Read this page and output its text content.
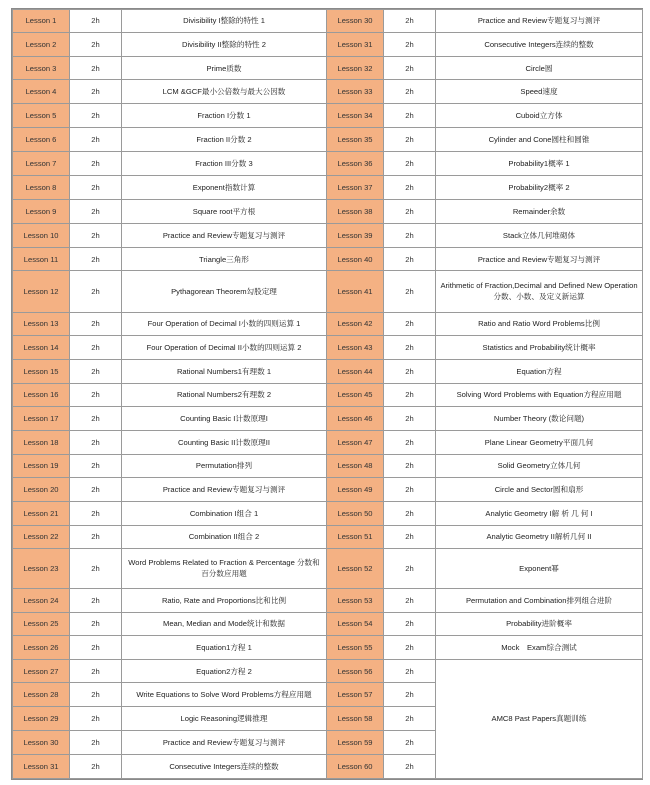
Lesson 1	2h	Divisibility I整除的特性 1	Lesson 30	2h	Practice and Review专题复习与测评
Lesson 2	2h	Divisibility II整除的特性 2	Lesson 31	2h	Consecutive Integers连续的整数
Lesson 3	2h	Prime质数	Lesson 32	2h	Circle圆
Lesson 4	2h	LCM &GCF最小公倍数与最大公因数	Lesson 33	2h	Speed速度
Lesson 5	2h	Fraction I分数 1	Lesson 34	2h	Cuboid立方体
Lesson 6	2h	Fraction II分数 2	Lesson 35	2h	Cylinder and Cone圆柱和圆锥
Lesson 7	2h	Fraction III分数 3	Lesson 36	2h	Probability1概率 1
Lesson 8	2h	Exponent指数计算	Lesson 37	2h	Probability2概率 2
Lesson 9	2h	Square root平方根	Lesson 38	2h	Remainder余数
Lesson 10	2h	Practice and Review专题复习与测评	Lesson 39	2h	Stack立体几何堆砌体
Lesson 11	2h	Triangle三角形	Lesson 40	2h	Practice and Review专题复习与测评
Lesson 12	2h	Pythagorean Theorem勾股定理	Lesson 41	2h	Arithmetic of Fraction,Decimal and Defined New Operation 分数、小数、及定义新运算
Lesson 13	2h	Four Operation of Decimal I小数的四则运算 1	Lesson 42	2h	Ratio and Ratio Word Problems比例
Lesson 14	2h	Four Operation of Decimal II小数的四则运算 2	Lesson 43	2h	Statistics and Probability统计概率
Lesson 15	2h	Rational Numbers1有理数 1	Lesson 44	2h	Equation方程
Lesson 16	2h	Rational Numbers2有理数 2	Lesson 45	2h	Solving Word Problems with Equation方程应用题
Lesson 17	2h	Counting Basic I计数原理I	Lesson 46	2h	Number Theory (数论问题)
Lesson 18	2h	Counting Basic II计数原理II	Lesson 47	2h	Plane Linear Geometry平面几何
Lesson 19	2h	Permutation排列	Lesson 48	2h	Solid Geometry立体几何
Lesson 20	2h	Practice and Review专题复习与测评	Lesson 49	2h	Circle and Sector圆和扇形
Lesson 21	2h	Combination I组合 1	Lesson 50	2h	Analytic Geometry I解 析 几 何 I
Lesson 22	2h	Combination II组合 2	Lesson 51	2h	Analytic Geometry II解析几何 II
Lesson 23	2h	Word Problems Related to Fraction & Percentage 分数和百分数应用题	Lesson 52	2h	Exponent幂
Lesson 24	2h	Ratio, Rate and Proportions比和比例	Lesson 53	2h	Permutation and Combination排列组合进阶
Lesson 25	2h	Mean, Median and Mode统计和数据	Lesson 54	2h	Probability进阶概率
Lesson 26	2h	Equation1方程 1	Lesson 55	2h	Mock　Exam综合测试
Lesson 27	2h	Equation2方程 2	Lesson 56	2h	AMC8 Past Papers真题训练
Lesson 28	2h	Write Equations to Solve Word Problems方程应用题	Lesson 57	2h	
Lesson 29	2h	Logic Reasoning逻辑推理	Lesson 58	2h	
Lesson 30	2h	Practice and Review专题复习与测评	Lesson 59	2h	
Lesson 31	2h	Consecutive Integers连续的整数	Lesson 60	2h	
